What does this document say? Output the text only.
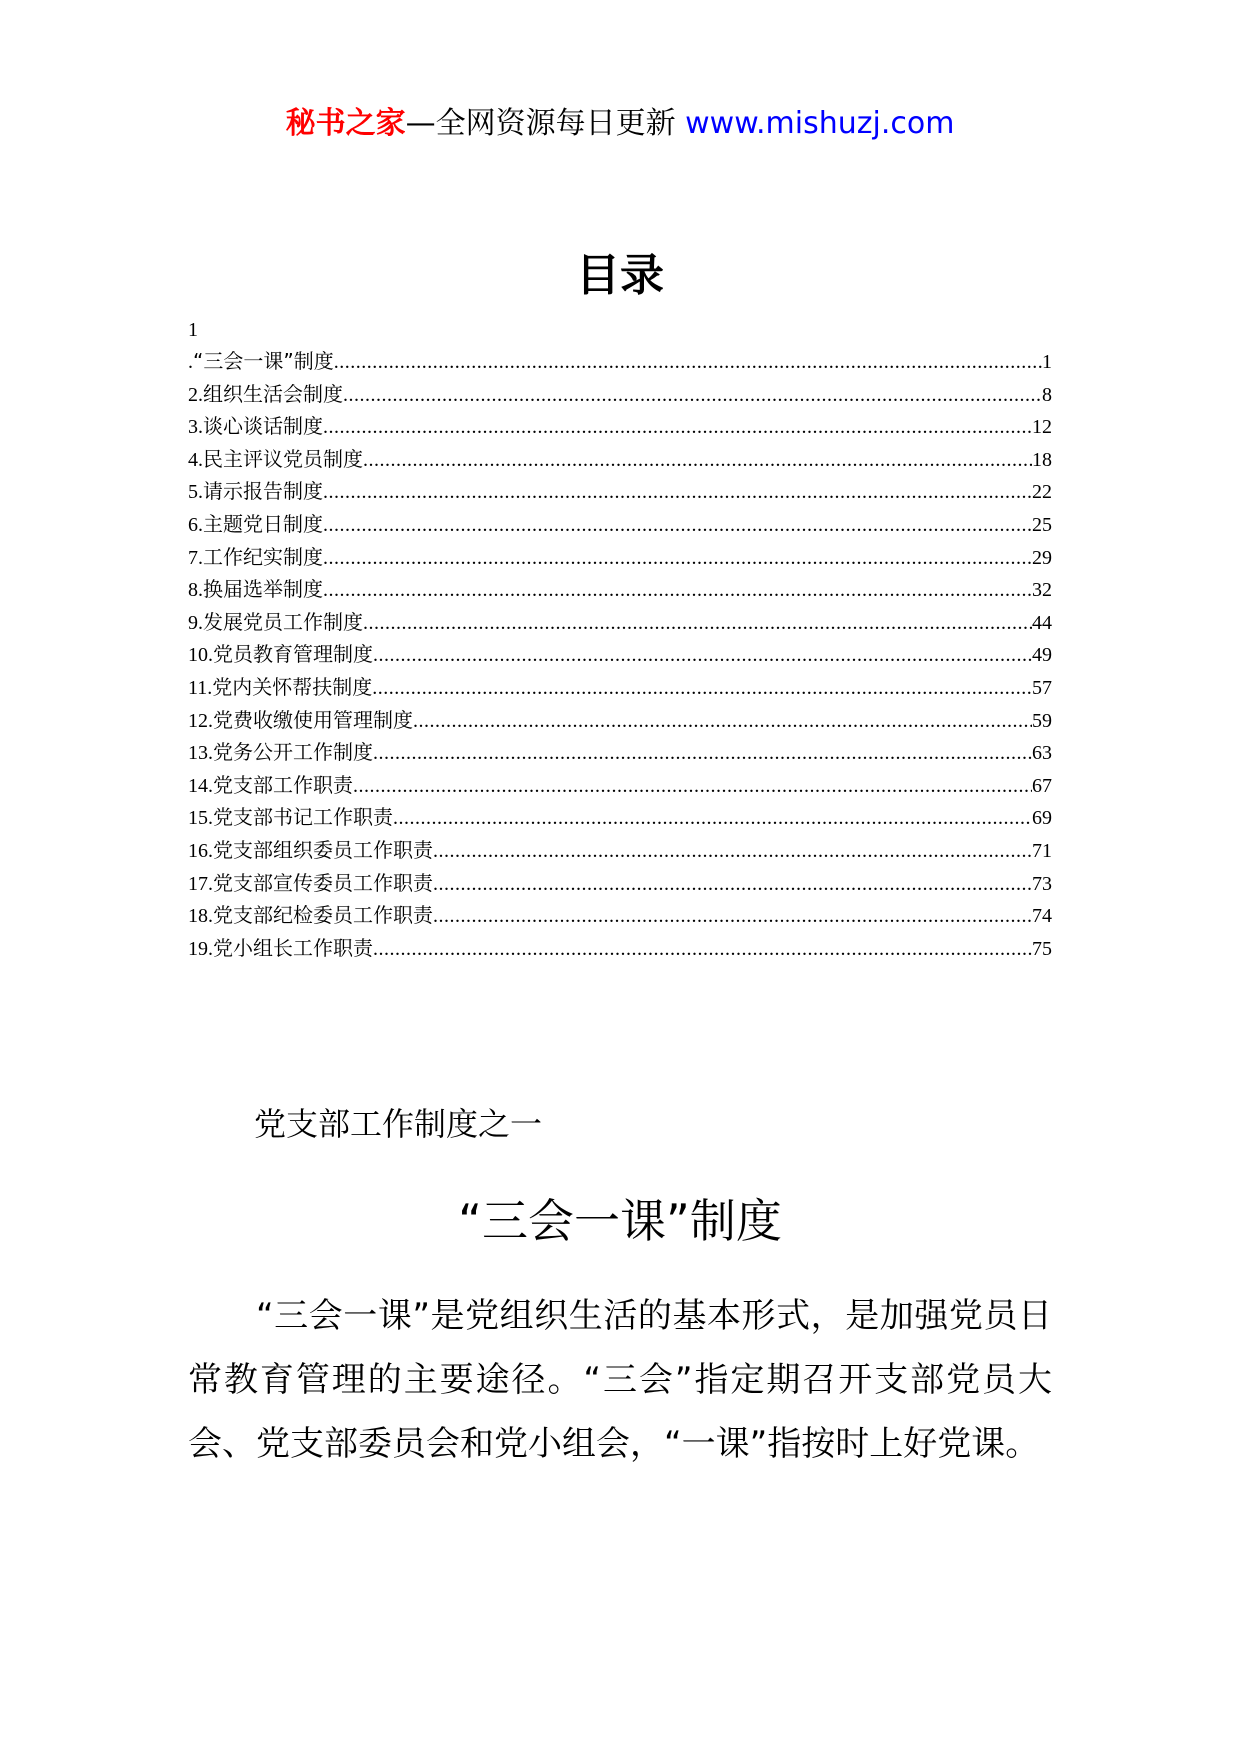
秘书之家—全网资源每日更新 www.mishuzj.com
目录
1
.“三会一课”制度 .....	1
2.组织生活会制度 .....	8
3.谈心谈话制度 .....	12
4.民主评议党员制度 .....	18
5.请示报告制度 .....	22
6.主题党日制度 .....	25
7.工作纪实制度 .....	29
8.换届选举制度 .....	32
9.发展党员工作制度 .....	44
10.党员教育管理制度 .....	49
11.党内关怀帮扶制度 .....	57
12.党费收缴使用管理制度 .....	59
13.党务公开工作制度 .....	63
14.党支部工作职责 .....	67
15.党支部书记工作职责 .....	69
16.党支部组织委员工作职责 .....	71
17.党支部宣传委员工作职责 .....	73
18.党支部纪检委员工作职责 .....	74
19.党小组长工作职责 .....	75
党支部工作制度之一
“三会一课”制度
“三会一课”是党组织生活的基本形式，是加强党员日常教育管理的主要途径。“三会”指定期召开支部党员大会、党支部委员会和党小组会，“一课”指按时上好党课。
